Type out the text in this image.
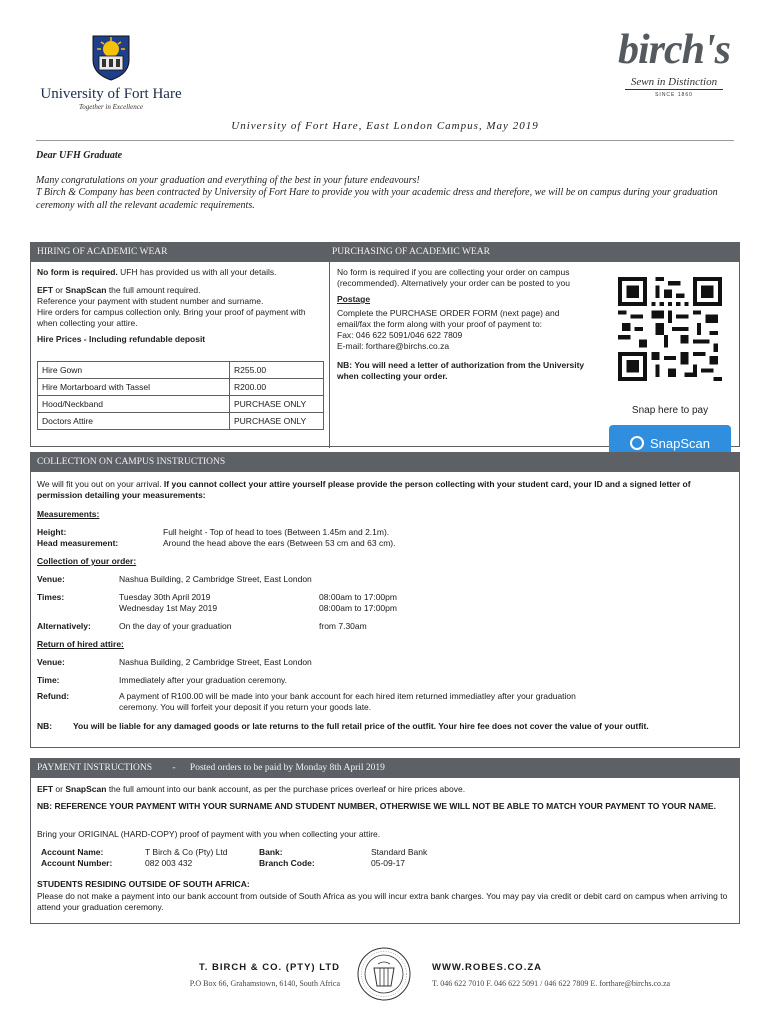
University of Fort Hare
Together in Excellence
birch's
Sewn in Distinction
SINCE 1860
University of Fort Hare, East London Campus, May 2019
Dear UFH Graduate
Many congratulations on your graduation and everything of the best in your future endeavours!
T Birch & Company has been contracted by University of Fort Hare to provide you with your academic dress and therefore, we will be on campus during your graduation ceremony with all the relevant academic requirements.
HIRING OF ACADEMIC WEAR	PURCHASING OF ACADEMIC WEAR
No form is required. UFH has provided us with all your details.
EFT or SnapScan the full amount required.
Reference your payment with student number and surname.
Hire orders for campus collection only. Bring your proof of payment with when collecting your attire.
Hire Prices - Including refundable deposit
Hire Gown	R255.00
Hire Mortarboard with Tassel	R200.00
Hood/Neckband	PURCHASE ONLY
Doctors Attire	PURCHASE ONLY
No form is required if you are collecting your order on campus (recommended). Alternatively your order can be posted to you
Postage
Complete the PURCHASE ORDER FORM (next page) and email/fax the form along with your proof of payment to:
Fax: 046 622 5091/046 622 7809
E-mail: forthare@birchs.co.za
NB: You will need a letter of authorization from the University when collecting your order.
Snap here to pay
SnapScan
COLLECTION ON CAMPUS INSTRUCTIONS
We will fit you out on your arrival. If you cannot collect your attire yourself please provide the person collecting with your student card, your ID and a signed letter of permission detailing your measurements:
Measurements:
Height:	Full height - Top of head to toes (Between 1.45m and 2.1m).
Head measurement:	Around the head above the ears (Between 53 cm and 63 cm).
Collection of your order:
Venue:	Nashua Building, 2 Cambridge Street, East London
Times:	Tuesday 30th April 2019	08:00am to 17:00pm
Wednesday 1st May 2019	08:00am to 17:00pm
Alternatively:	On the day of your graduation	from 7.30am
Return of hired attire:
Venue:	Nashua Building, 2 Cambridge Street, East London
Time:	Immediately after your graduation ceremony.
Refund:	A payment of R100.00 will be made into your bank account for each hired item returned immediatley after your graduation ceremony. You will forfeit your deposit if you return your goods late.
NB: You will be liable for any damaged goods or late returns to the full retail price of the outfit. Your hire fee does not cover the value of your outfit.
PAYMENT INSTRUCTIONS - Posted orders to be paid by Monday 8th April 2019
EFT or SnapScan the full amount into our bank account, as per the purchase prices overleaf or hire prices above.
NB: REFERENCE YOUR PAYMENT WITH YOUR SURNAME AND STUDENT NUMBER, OTHERWISE WE WILL NOT BE ABLE TO MATCH YOUR PAYMENT TO YOUR NAME.
Bring your ORIGINAL (HARD-COPY) proof of payment with you when collecting your attire.
Account Name:	T Birch & Co (Pty) Ltd	Bank:	Standard Bank
Account Number:	082 003 432	Branch Code:	05-09-17
STUDENTS RESIDING OUTSIDE OF SOUTH AFRICA:
Please do not make a payment into our bank account from outside of South Africa as you will incur extra bank charges. You may pay via credit or debit card on campus when arriving to attend your graduation ceremony.
T. BIRCH & CO. (PTY) LTD
P.O Box 66, Grahamstown, 6140, South Africa
WWW.ROBES.CO.ZA
T. 046 622 7010 F. 046 622 5091 / 046 622 7809 E. forthare@birchs.co.za
